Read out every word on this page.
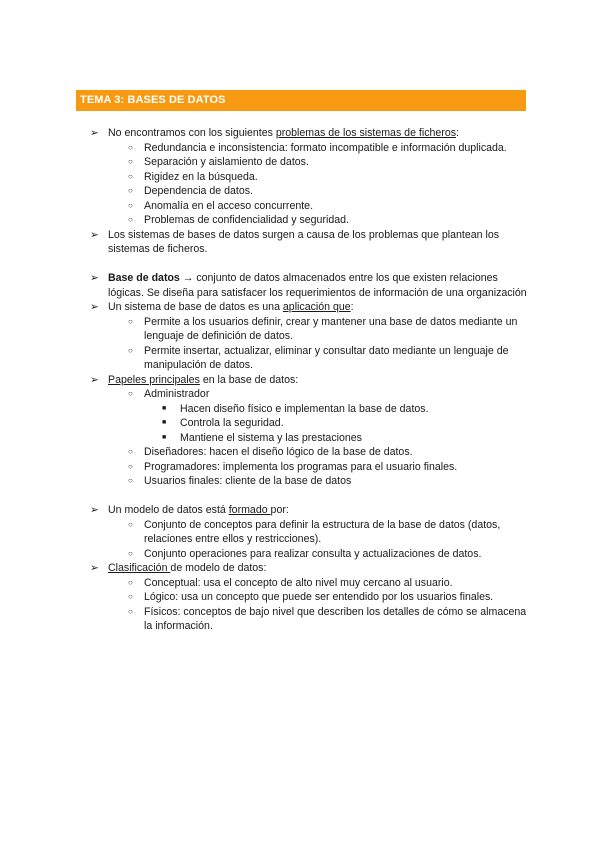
TEMA 3: BASES DE DATOS
➢ No encontramos con los siguientes problemas de los sistemas de ficheros:
○ Redundancia e inconsistencia: formato incompatible e información duplicada.
○ Separación y aislamiento de datos.
○ Rigidez en la búsqueda.
○ Dependencia de datos.
○ Anomalía en el acceso concurrente.
○ Problemas de confidencialidad y seguridad.
➢ Los sistemas de bases de datos surgen a causa de los problemas que plantean los sistemas de ficheros.
➢ Base de datos → conjunto de datos almacenados entre los que existen relaciones lógicas. Se diseña para satisfacer los requerimientos de información de una organización
➢ Un sistema de base de datos es una aplicación que:
○ Permite a los usuarios definir, crear y mantener una base de datos mediante un lenguaje de definición de datos.
○ Permite insertar, actualizar, eliminar y consultar dato mediante un lenguaje de manipulación de datos.
➢ Papeles principales en la base de datos:
○ Administrador
■ Hacen diseño físico e implementan la base de datos.
■ Controla la seguridad.
■ Mantiene el sistema y las prestaciones
○ Diseñadores: hacen el diseño lógico de la base de datos.
○ Programadores: implementa los programas para el usuario finales.
○ Usuarios finales: cliente de la base de datos
➢ Un modelo de datos está formado por:
○ Conjunto de conceptos para definir la estructura de la base de datos (datos, relaciones entre ellos y restricciones).
○ Conjunto operaciones para realizar consulta y actualizaciones de datos.
➢ Clasificación de modelo de datos:
○ Conceptual: usa el concepto de alto nivel muy cercano al usuario.
○ Lógico: usa un concepto que puede ser entendido por los usuarios finales.
○ Físicos: conceptos de bajo nivel que describen los detalles de cómo se almacena la información.
